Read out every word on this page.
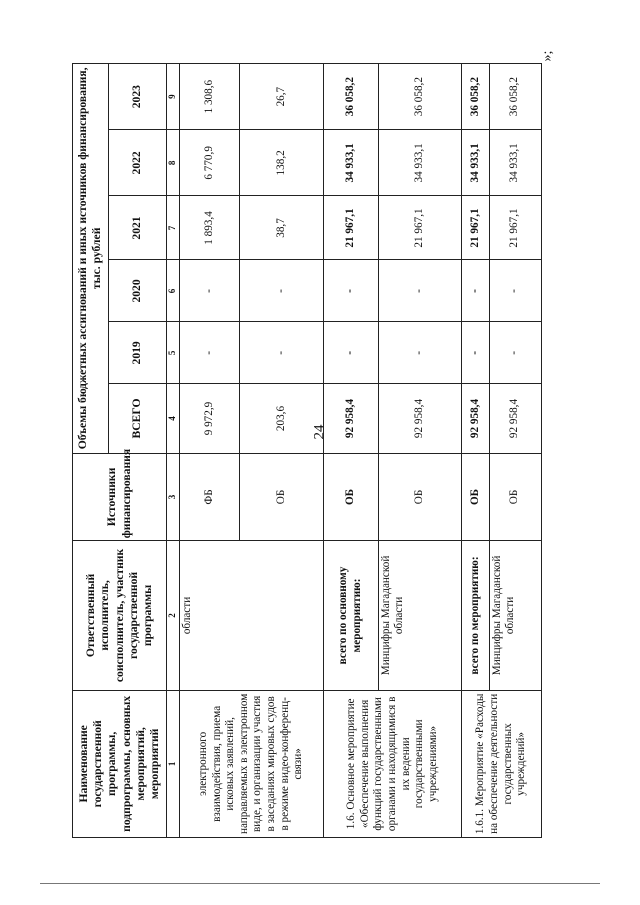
24
»;
Наименование государственной программы, подпрограммы, основных мероприятий, мероприятий	Ответственный исполнитель, соисполнитель, участник государственной программы	Источники финансирования	Объемы бюджетных ассигнований и иных источников финансирования, тыс. рублей					
			ВСЕГО	2019	2020	2021	2022	2023
1	2	3	4	5	6	7	8	9
электронного взаимодействия, приема исковых заявлений, направляемых в электронном виде, и организации участия в заседаниях мировых судов в режиме видео-конференц-связи»	области	ФБ	9 972,9	-	-	1 893,4	6 770,9	1 308,6
		ОБ	203,6	-	-	38,7	138,2	26,7
1.6. Основное мероприятие «Обеспечение выполнения функций государственными органами и находящимися в их ведении государственными учреждениями»	всего по основному мероприятию:	ОБ	92 958,4	-	-	21 967,1	34 933,1	36 058,2
	Минцифры Магаданской области	ОБ	92 958,4	-	-	21 967,1	34 933,1	36 058,2
1.6.1. Мероприятие «Расходы на обеспечение деятельности государственных учреждений»	всего по мероприятию:	ОБ	92 958,4	-	-	21 967,1	34 933,1	36 058,2
	Минцифры Магаданской области	ОБ	92 958,4	-	-	21 967,1	34 933,1	36 058,2
